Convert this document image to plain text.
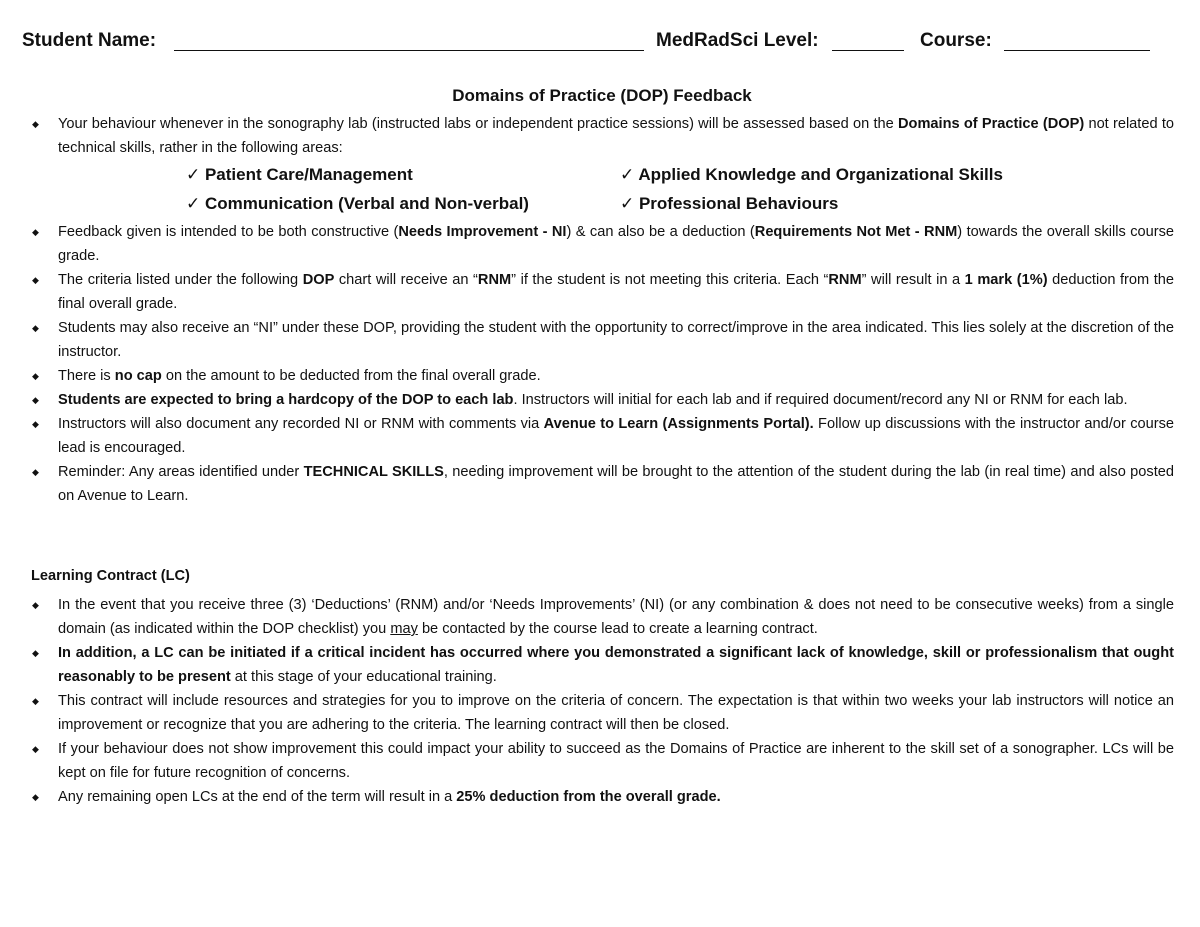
Student Name:	MedRadSci Level:	Course:
Domains of Practice (DOP) Feedback
◆ Your behaviour whenever in the sonography lab (instructed labs or independent practice sessions) will be assessed based on the Domains of Practice (DOP) not related to technical skills, rather in the following areas:
✓ Patient Care/Management	✓ Applied Knowledge and Organizational Skills
✓ Communication (Verbal and Non-verbal)	✓ Professional Behaviours
◆ Feedback given is intended to be both constructive (Needs Improvement - NI) & can also be a deduction (Requirements Not Met - RNM) towards the overall skills course grade.
◆ The criteria listed under the following DOP chart will receive an “RNM” if the student is not meeting this criteria. Each “RNM” will result in a 1 mark (1%) deduction from the final overall grade.
◆ Students may also receive an “NI” under these DOP, providing the student with the opportunity to correct/improve in the area indicated. This lies solely at the discretion of the instructor.
◆ There is no cap on the amount to be deducted from the final overall grade.
◆ Students are expected to bring a hardcopy of the DOP to each lab. Instructors will initial for each lab and if required document/record any NI or RNM for each lab.
◆ Instructors will also document any recorded NI or RNM with comments via Avenue to Learn (Assignments Portal). Follow up discussions with the instructor and/or course lead is encouraged.
◆ Reminder: Any areas identified under TECHNICAL SKILLS, needing improvement will be brought to the attention of the student during the lab (in real time) and also posted on Avenue to Learn.
Learning Contract (LC)
◆ In the event that you receive three (3) ‘Deductions’ (RNM) and/or ‘Needs Improvements’ (NI) (or any combination & does not need to be consecutive weeks) from a single domain (as indicated within the DOP checklist) you may be contacted by the course lead to create a learning contract.
◆ In addition, a LC can be initiated if a critical incident has occurred where you demonstrated a significant lack of knowledge, skill or professionalism that ought reasonably to be present at this stage of your educational training.
◆ This contract will include resources and strategies for you to improve on the criteria of concern. The expectation is that within two weeks your lab instructors will notice an improvement or recognize that you are adhering to the criteria. The learning contract will then be closed.
◆ If your behaviour does not show improvement this could impact your ability to succeed as the Domains of Practice are inherent to the skill set of a sonographer. LCs will be kept on file for future recognition of concerns.
◆ Any remaining open LCs at the end of the term will result in a 25% deduction from the overall grade.
